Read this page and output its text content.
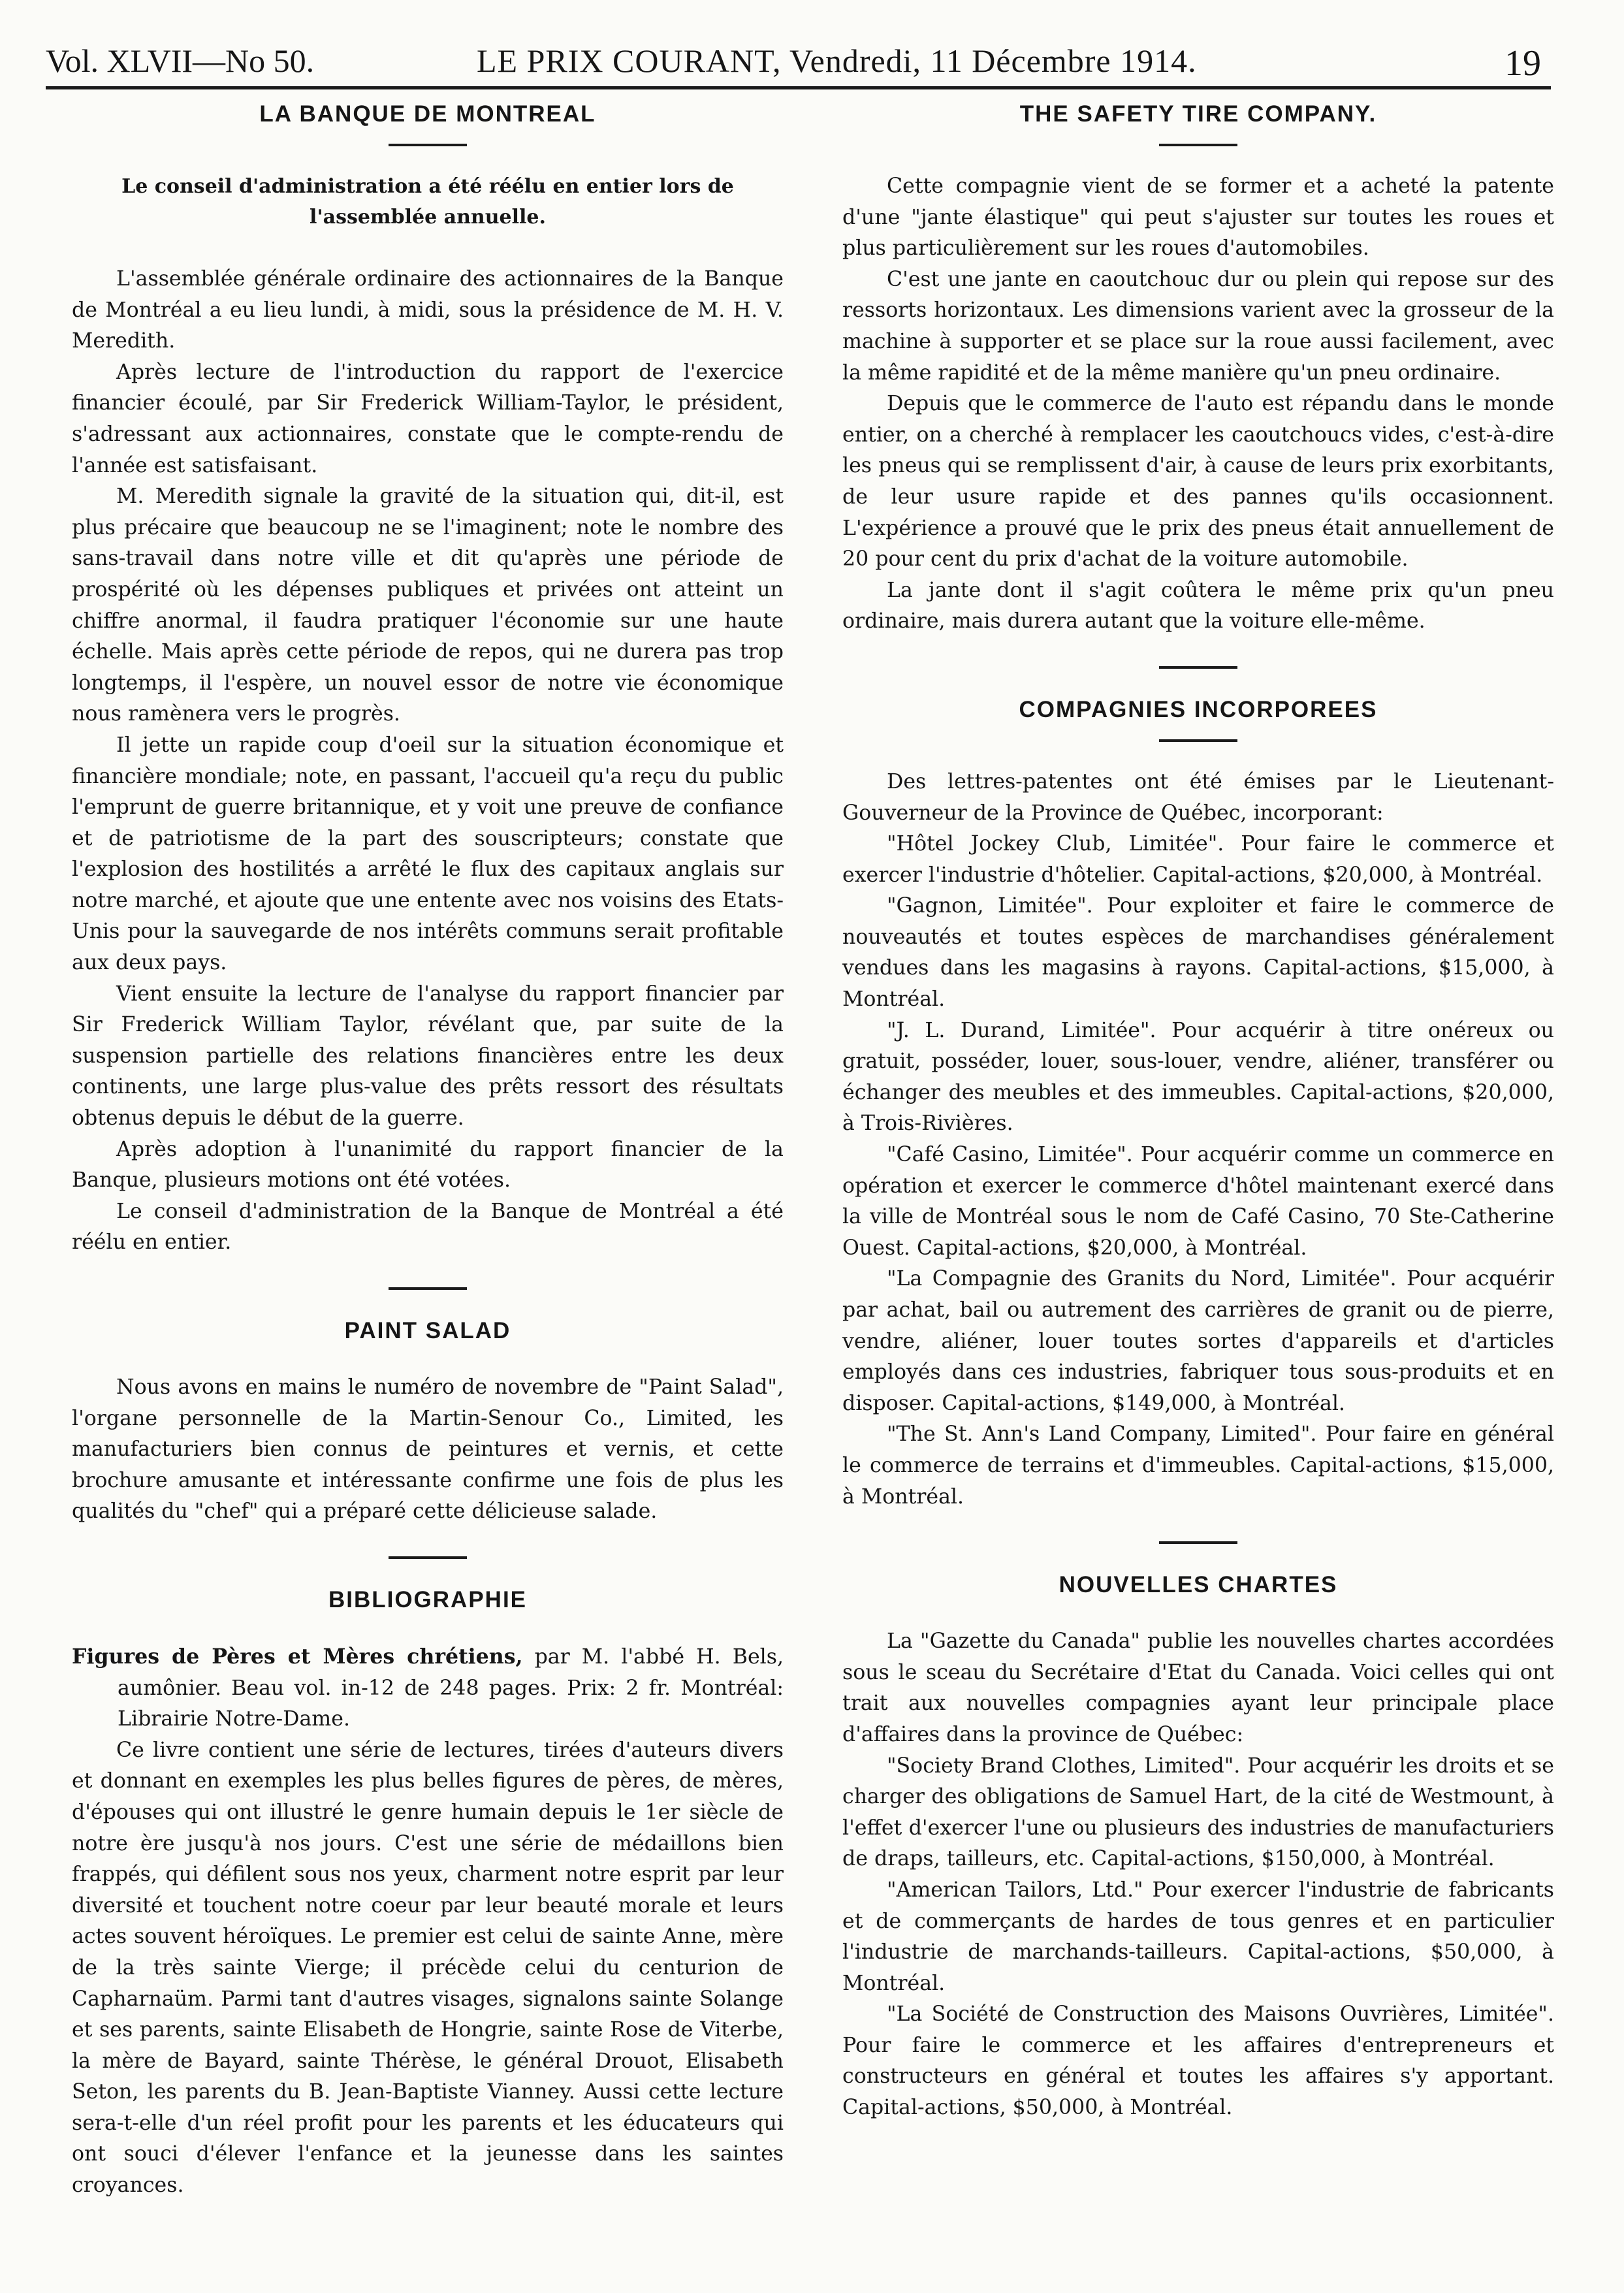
Vol. XLVII—No 50.	LE PRIX COURANT, Vendredi, 11 Décembre 1914.	19
LA BANQUE DE MONTREAL
Le conseil d'administration a été réélu en entier lors de l'assemblée annuelle.

L'assemblée générale ordinaire des actionnaires de la Banque de Montréal a eu lieu lundi, à midi, sous la présidence de M. H. V. Meredith.

Après lecture de l'introduction du rapport de l'exercice financier écoulé, par Sir Frederick William-Taylor, le président, s'adressant aux actionnaires, constate que le compte-rendu de l'année est satisfaisant.

M. Meredith signale la gravité de la situation qui, dit-il, est plus précaire que beaucoup ne se l'imaginent; note le nombre des sans-travail dans notre ville et dit qu'après une période de prospérité où les dépenses publiques et privées ont atteint un chiffre anormal, il faudra pratiquer l'économie sur une haute échelle. Mais après cette période de repos, qui ne durera pas trop longtemps, il l'espère, un nouvel essor de notre vie économique nous ramènera vers le progrès.

Il jette un rapide coup d'oeil sur la situation économique et financière mondiale; note, en passant, l'accueil qu'a reçu du public l'emprunt de guerre britannique, et y voit une preuve de confiance et de patriotisme de la part des souscripteurs; constate que l'explosion des hostilités a arrêté le flux des capitaux anglais sur notre marché, et ajoute que une entente avec nos voisins des Etats-Unis pour la sauvegarde de nos intérêts communs serait profitable aux deux pays.

Vient ensuite la lecture de l'analyse du rapport financier par Sir Frederick William Taylor, révélant que, par suite de la suspension partielle des relations financières entre les deux continents, une large plus-value des prêts ressort des résultats obtenus depuis le début de la guerre.

Après adoption à l'unanimité du rapport financier de la Banque, plusieurs motions ont été votées.

Le conseil d'administration de la Banque de Montréal a été réélu en entier.

PAINT SALAD

Nous avons en mains le numéro de novembre de "Paint Salad", l'organe personnelle de la Martin-Senour Co., Limited, les manufacturiers bien connus de peintures et vernis, et cette brochure amusante et intéressante confirme une fois de plus les qualités du "chef" qui a préparé cette délicieuse salade.

BIBLIOGRAPHIE

Figures de Pères et Mères chrétiens, par M. l'abbé H. Bels, aumônier. Beau vol. in-12 de 248 pages. Prix: 2 fr. Montréal: Librairie Notre-Dame.

Ce livre contient une série de lectures, tirées d'auteurs divers et donnant en exemples les plus belles figures de pères, de mères, d'épouses qui ont illustré le genre humain depuis le 1er siècle de notre ère jusqu'à nos jours. C'est une série de médaillons bien frappés, qui défilent sous nos yeux, charment notre esprit par leur diversité et touchent notre coeur par leur beauté morale et leurs actes souvent héroïques. Le premier est celui de sainte Anne, mère de la très sainte Vierge; il précède celui du centurion de Capharnaüm. Parmi tant d'autres visages, signalons sainte Solange et ses parents, sainte Elisabeth de Hongrie, sainte Rose de Viterbe, la mère de Bayard, sainte Thérèse, le général Drouot, Elisabeth Seton, les parents du B. Jean-Baptiste Vianney. Aussi cette lecture sera-t-elle d'un réel profit pour les parents et les éducateurs qui ont souci d'élever l'enfance et la jeunesse dans les saintes croyances.

THE SAFETY TIRE COMPANY.

Cette compagnie vient de se former et a acheté la patente d'une "jante élastique" qui peut s'ajuster sur toutes les roues et plus particulièrement sur les roues d'automobiles.

C'est une jante en caoutchouc dur ou plein qui repose sur des ressorts horizontaux. Les dimensions varient avec la grosseur de la machine à supporter et se place sur la roue aussi facilement, avec la même rapidité et de la même manière qu'un pneu ordinaire.

Depuis que le commerce de l'auto est répandu dans le monde entier, on a cherché à remplacer les caoutchoucs vides, c'est-à-dire les pneus qui se remplissent d'air, à cause de leurs prix exorbitants, de leur usure rapide et des pannes qu'ils occasionnent. L'expérience a prouvé que le prix des pneus était annuellement de 20 pour cent du prix d'achat de la voiture automobile.

La jante dont il s'agit coûtera le même prix qu'un pneu ordinaire, mais durera autant que la voiture elle-même.

COMPAGNIES INCORPOREES

Des lettres-patentes ont été émises par le Lieutenant-Gouverneur de la Province de Québec, incorporant:

"Hôtel Jockey Club, Limitée". Pour faire le commerce et exercer l'industrie d'hôtelier. Capital-actions, $20,000, à Montréal.

"Gagnon, Limitée". Pour exploiter et faire le commerce de nouveautés et toutes espèces de marchandises généralement vendues dans les magasins à rayons. Capital-actions, $15,000, à Montréal.

"J. L. Durand, Limitée". Pour acquérir à titre onéreux ou gratuit, posséder, louer, sous-louer, vendre, aliéner, transférer ou échanger des meubles et des immeubles. Capital-actions, $20,000, à Trois-Rivières.

"Café Casino, Limitée". Pour acquérir comme un commerce en opération et exercer le commerce d'hôtel maintenant exercé dans la ville de Montréal sous le nom de Café Casino, 70 Ste-Catherine Ouest. Capital-actions, $20,000, à Montréal.

"La Compagnie des Granits du Nord, Limitée". Pour acquérir par achat, bail ou autrement des carrières de granit ou de pierre, vendre, aliéner, louer toutes sortes d'appareils et d'articles employés dans ces industries, fabriquer tous sous-produits et en disposer. Capital-actions, $149,000, à Montréal.

"The St. Ann's Land Company, Limited". Pour faire en général le commerce de terrains et d'immeubles. Capital-actions, $15,000, à Montréal.

NOUVELLES CHARTES

La "Gazette du Canada" publie les nouvelles chartes accordées sous le sceau du Secrétaire d'Etat du Canada. Voici celles qui ont trait aux nouvelles compagnies ayant leur principale place d'affaires dans la province de Québec:

"Society Brand Clothes, Limited". Pour acquérir les droits et se charger des obligations de Samuel Hart, de la cité de Westmount, à l'effet d'exercer l'une ou plusieurs des industries de manufacturiers de draps, tailleurs, etc. Capital-actions, $150,000, à Montréal.

"American Tailors, Ltd." Pour exercer l'industrie de fabricants et de commerçants de hardes de tous genres et en particulier l'industrie de marchands-tailleurs. Capital-actions, $50,000, à Montréal.

"La Société de Construction des Maisons Ouvrières, Limitée". Pour faire le commerce et les affaires d'entrepreneurs et constructeurs en général et toutes les affaires s'y apportant. Capital-actions, $50,000, à Montréal.
